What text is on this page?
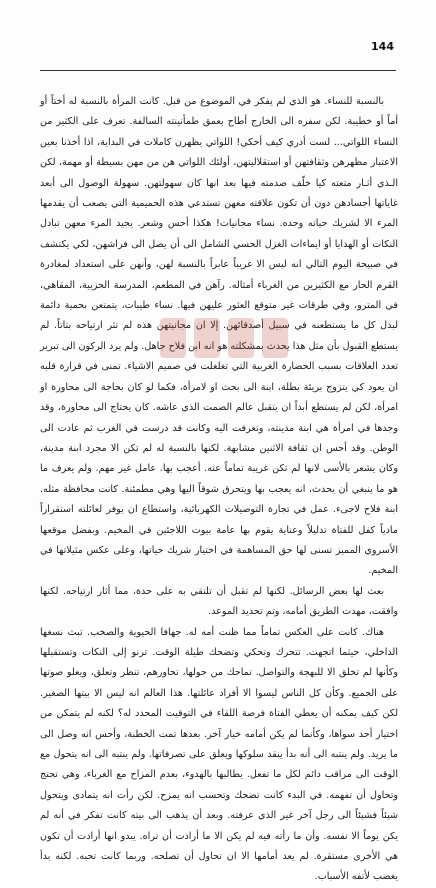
144

بالنسبة للنساء. هو الذي لم يفكر في الموضوع من قبل. كانت المرأة بالنسبة له أختاً أو أماً أو خطيبة. لكن سفره الى الخارج أطاح بعمق طمأنينته السالفة. تعرف على الكثير من النساء اللواتي... لست أدري كيف أحكي! اللواتي يظهرن كاملات في البداية، اذا أخذنا بعين الاعتبار مظهرهن وثقافتهن أو استقلاليتهن، أولئك اللواتي هن من مهن بسيطة أو مهمة، لكن الـذي أثـار متعته كيا خلّف صدمته فيها بعد انها كان سهولتهن. سهولة الوصول الى أبعد غاياتها أجسادهن دون أن تكون علاقته معهن تستدعي هذه الحميمية التي يصعب أن يقدمها المرء الا لشريك حياته وحده. نساء مجانيات! هكذا أحس وشعر. يجيد المرء معهن تبادل النكات أو الهدايا أو ايماءات الغزل الحسي الشامل الى أن يصل الى فراشهن، لكي يكتشف في صبيحة اليوم التالي انه ليس الا غريباً عابراً بالنسبة لهن، وأنهن على استعداد لمغادرة القرم الحار مع الكثيرين من الغرباء أمثاله. رآهن في المطعم، المدرسة الحزبية، المقاهي، في المترو، وفي طرقات غير متوقع العثور عليهن فيها. نساء طيبات، يتمتعن بحمية دائمة لبذل كل ما يستطعنه في سبيل أصدقائهن. إلا ان مجانيتهن هذه لم تثر ارتياحه بتاتاً. لم يستطع القبول بأن مثل هذا يحدث بمشكلته هو انه ابن فلاح جاهل. ولم يرد الركون الى تبرير تعدد العلاقات بسبب الحضارة الغربية التي تغلغلت في صميم الاشياء. تمنى في قرارة قلبه ان يعود كي يتزوج بريئة بطلة، ابنة الى بحث او لامرأة، فكما لو كان بحاجة الى محاورة او امرأة، لكن لم يستطع أبداً ان يتقبل عالم الصمت الذي عاشه. كان يحتاج الى محاورة، وقد وجدها في امرأة هي ابنة مدينته، وتعرفت اليه وكانت قد درست في الغرب ثم عادت الى الوطن. وقد أحس ان ثقافة الاثنين مشابهة. لكنها بالنسبة له لم تكن الا مجرد ابنة مدينة، وكان يشعر بالأسى لانها لم تكن غريبة تماماً عنه. أعجب بها. عامل غير مهم. ولم يعرف ما هو ما ينبغي أن يحدث، انه يعجب بها ويتحرق شوقاً اليها وهي مطمئنة. كانت محافظة مثله. ابنة فلاح لاجىء. عمل في تجارة التوصيلات الكهربائية، واستطاع ان يوفر لعائلته استقراراً مادياً كفل للفتاة تدليلاً وعناية يقوم بها عامة بيوت اللاجئين في المخيم. وبفضل موقعها الأسروي المميز تسنى لها حق المساهمة في اختيار شريك حياتها، وعلى عكس مثيلاتها في المخيم.

بعث لها بعض الرسائل. لكنها لم تقبل أن تلتقي به على حدة، مما أثار ارتياحه. لكنها وافقت، مهدت الطريق أمامه، وتم تحديد الموعد.

هناك. كانت على العكس تماماً مما ظنت أمه له. جهافا الحيوية والصخب. تبث نسغها الداخلي، حيثما اتجهت. تتحرك وتحكي وتضحك طيلة الوقت. ترنو إلى النكات وتستقبلها وكأنها لم تخلق الا للبهجة والتواصل. تماحك من حولها، تحاورهم، تنظر وتعلق، ويعلو صوتها على الجميع. وكأن كل الناس ليسوا الا أفراد عائلتها. هذا العالم انه ليس الا بيتها الصغير. لكن كيف يمكنه أن يعطي الفتاة فرصة اللقاء في التوقيت المحدد له؟ لكنه لم يتمكن من اختيار أحد سواها، وكأنما لم يكن أمامه خيار آخر. بعدها تمت الخطبة، وأحس انه وصل الى ما يريد. ولم ينتبه الى أنه بدأ ينقد سلوكها ويعلق على تصرفاتها. ولم ينتبه الى انه يتحول مع الوقت الى مراقب دائم لكل ما تفعل. يطالبها بالهدوء، بعدم المزاح مع الغرباء، وهي تحتج وتحاول أن تفهمه. في البدء كانت تضحك وتحسب انه يمزح. لكن رأت انه يتمادى ويتحول شيئاً فشيئاً الى رجل آخر غير الذي عرفته. وبعد أن يذهب الى بيته كانت تفكر في أنه لم يكن يوماً الا نفسه. وأن ما رأته فيه لم يكن الا ما أرادت أن تراه. يبدو انها أرادت أن تكون هي الأخرى مستقرة. لم يعد أمامها الا ان تحاول أن تصلحه. وربما كانت تحبه. لكنه بدأ يغضب لأتفه الأسباب.
